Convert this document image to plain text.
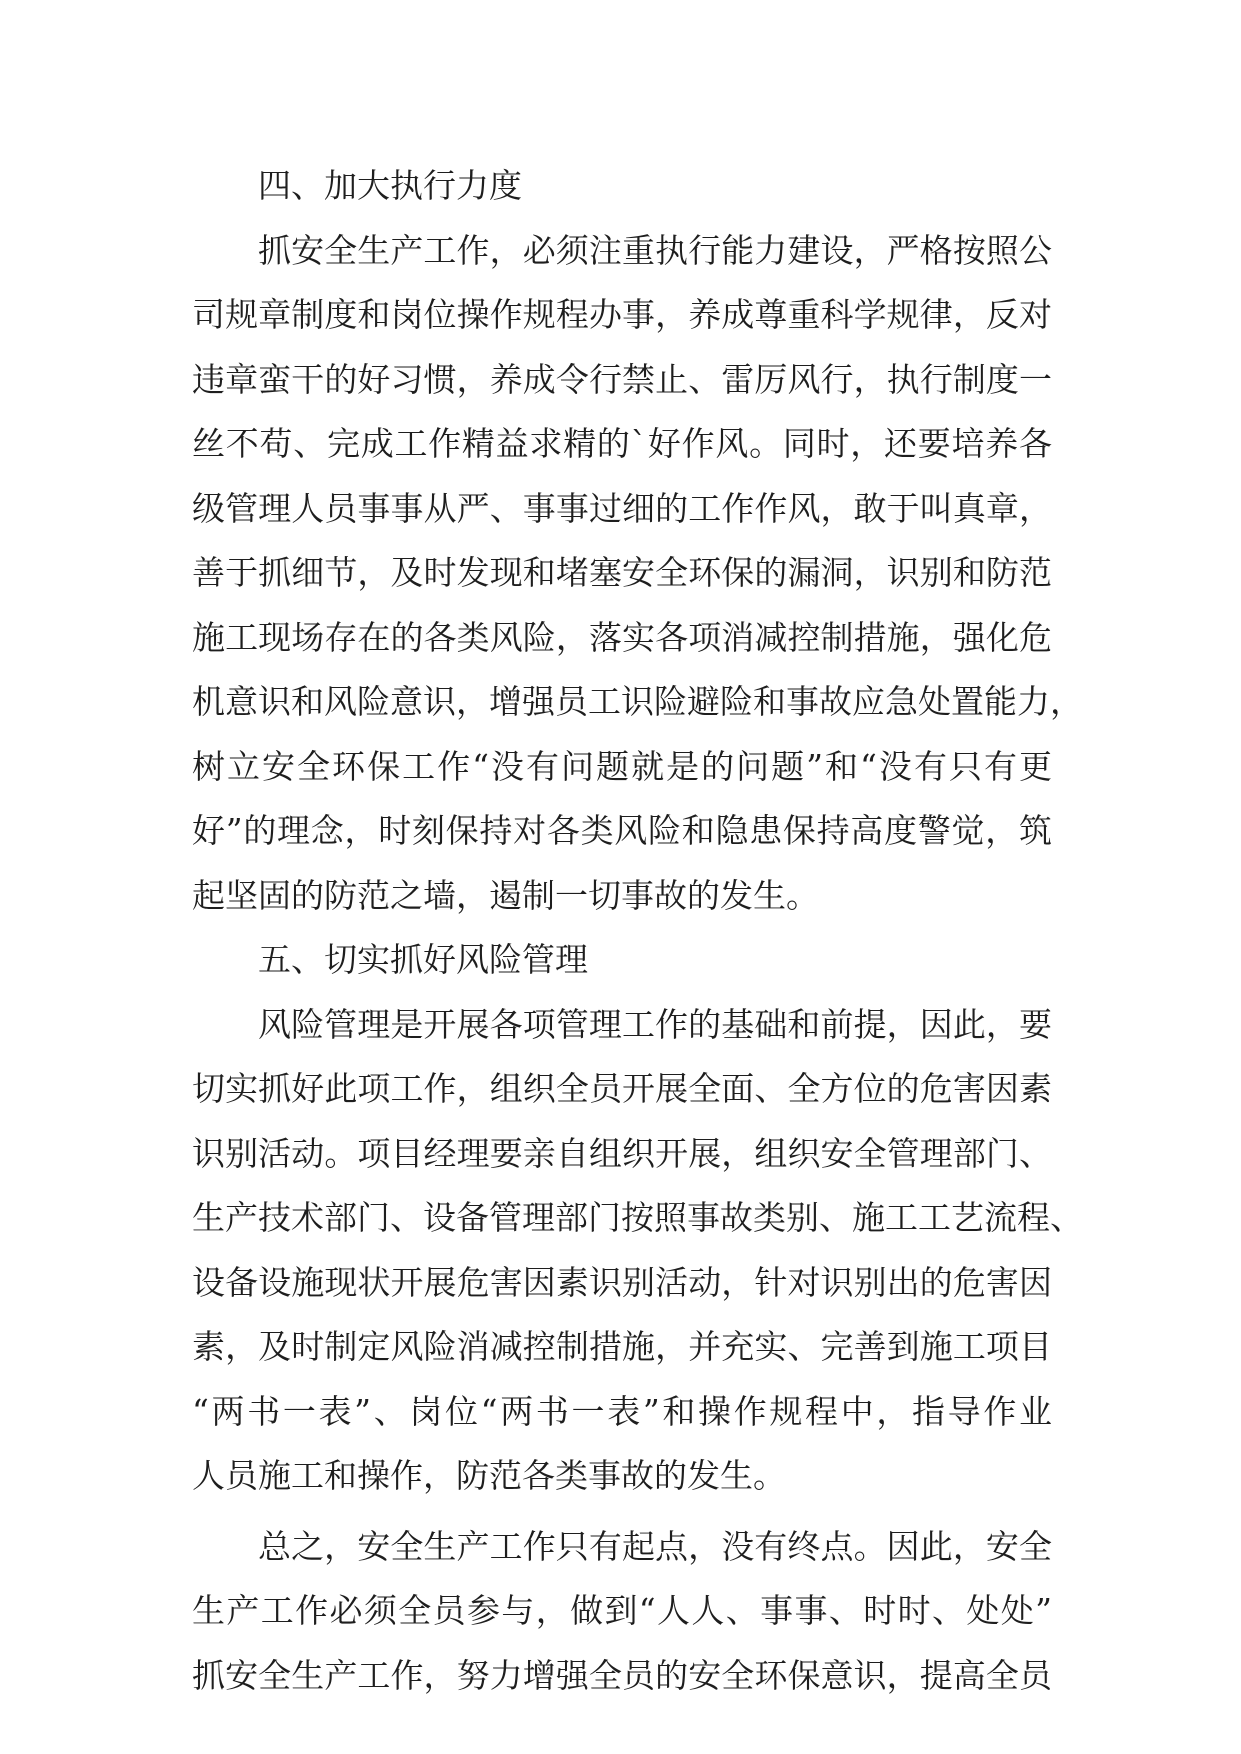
四、加大执行力度
抓安全生产工作，必须注重执行能力建设，严格按照公
司规章制度和岗位操作规程办事，养成尊重科学规律，反对
违章蛮干的好习惯，养成令行禁止、雷厉风行，执行制度一
丝不苟、完成工作精益求精的`好作风。同时，还要培养各
级管理人员事事从严、事事过细的工作作风，敢于叫真章，
善于抓细节，及时发现和堵塞安全环保的漏洞，识别和防范
施工现场存在的各类风险，落实各项消减控制措施，强化危
机意识和风险意识，增强员工识险避险和事故应急处置能力，
树立安全环保工作“没有问题就是的问题”和“没有只有更
好”的理念，时刻保持对各类风险和隐患保持高度警觉，筑
起坚固的防范之墙，遏制一切事故的发生。
五、切实抓好风险管理
风险管理是开展各项管理工作的基础和前提，因此，要
切实抓好此项工作，组织全员开展全面、全方位的危害因素
识别活动。项目经理要亲自组织开展，组织安全管理部门、
生产技术部门、设备管理部门按照事故类别、施工工艺流程、
设备设施现状开展危害因素识别活动，针对识别出的危害因
素，及时制定风险消减控制措施，并充实、完善到施工项目
“两书一表”、岗位“两书一表”和操作规程中，指导作业
人员施工和操作，防范各类事故的发生。
总之，安全生产工作只有起点，没有终点。因此，安全
生产工作必须全员参与，做到“人人、事事、时时、处处”
抓安全生产工作，努力增强全员的安全环保意识，提高全员
